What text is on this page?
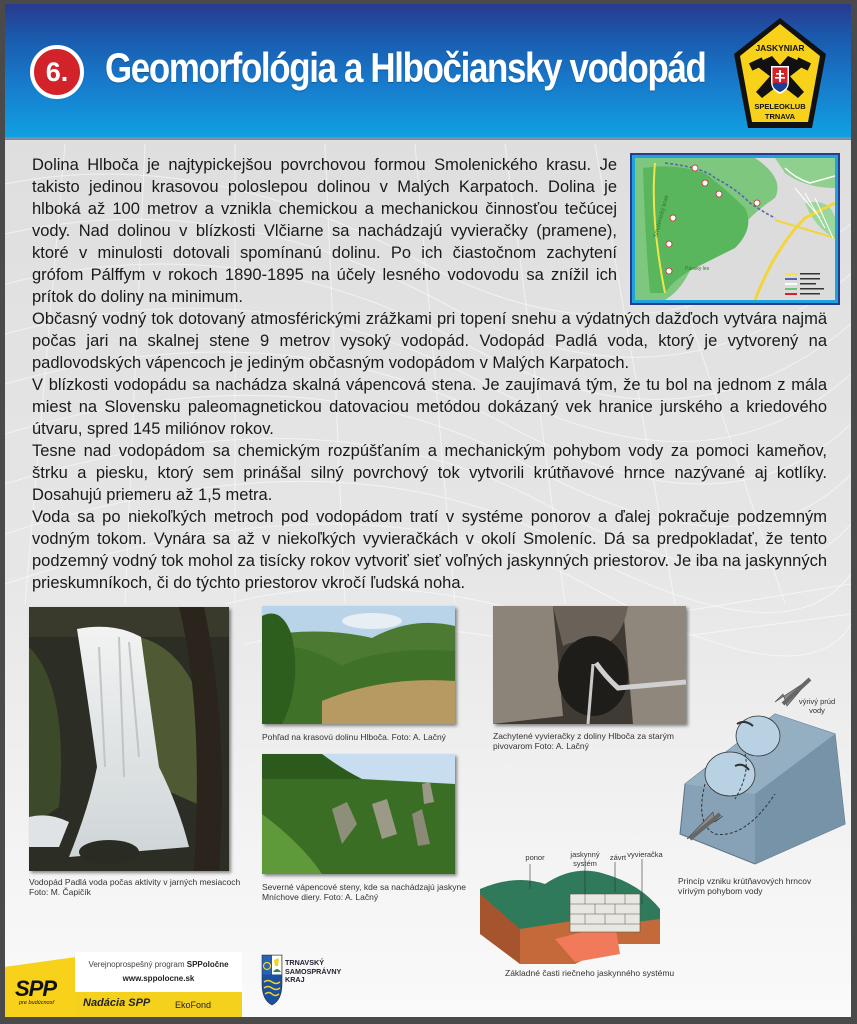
6. Geomorfológia a Hlbočiansky vodopád	JASKYNIAR
SPELEOKLUB
TRNAVA
Smolenický kras
Pánsky les

Dolina Hlboča je najtypickejšou povrchovou formou Smolenického krasu. Je takisto jedinou krasovou poloslepou dolinou v Malých Karpatoch. Dolina je hlboká až 100 metrov a vznikla chemickou a mechanickou činnosťou tečúcej vody. Nad dolinou v blízkosti Vlčiarne sa nachádzajú vyvieračky (pramene), ktoré v minulosti dotovali spomínanú dolinu. Po ich čiastočnom zachytení grófom Pálffym v rokoch 1890-1895 na účely lesného vodovodu sa znížil ich prítok do doliny na minimum.

Občasný vodný tok dotovaný atmosférickými zrážkami pri topení snehu a výdatných dažďoch vytvára najmä počas jari na skalnej stene 9 metrov vysoký vodopád. Vodopád Padlá voda, ktorý je vytvorený na padlovodských vápencoch je jediným občasným vodopádom v Malých Karpatoch.

V blízkosti vodopádu sa nachádza skalná vápencová stena. Je zaujímavá tým, že tu bol na jednom z mála miest na Slovensku paleomagnetickou datovaciou metódou dokázaný vek hranice jurského a kriedového útvaru, spred 145 miliónov rokov.

Tesne nad vodopádom sa chemickým rozpúšťaním a mechanickým pohybom vody za pomoci kameňov, štrku a piesku, ktorý sem prinášal silný povrchový tok vytvorili krútňavové hrnce nazývané aj kotlíky. Dosahujú priemeru až 1,5 metra.

Voda sa po niekoľkých metroch pod vodopádom tratí v systéme ponorov a ďalej pokračuje podzemným vodným tokom. Vynára sa až v niekoľkých vyvieračkách v okolí Smoleníc. Dá sa predpokladať, že tento podzemný vodný tok mohol za tisícky rokov vytvoriť sieť voľných jaskynných priestorov. Je iba na jaskynných prieskumníkoch, či do týchto priestorov vkročí ľudská noha.

Vodopád Padlá voda počas aktivity v jarných mesiacoch
Foto: M. Čapičík
Pohľad na krasovú dolinu Hlboča. Foto: A. Lačný
Severné vápencové steny, kde sa nachádzajú jaskyne
Mníchove diery. Foto: A. Lačný
Zachytené vyvieračky z doliny Hlboča za starým
pivovarom Foto: A. Lačný
výrivý prúd vody
Princíp vzniku krútňavových hrncov
vírivým pohybom vody
ponor	jaskynný systém
závrt vyvieračka
Základné časti riečneho jaskynného systému
SPP
pre budúcnosť
Verejnoprospešný program SPPoločne
www.sppolocne.sk
Nadácia SPP	EkoFond
TRNAVSKÝ
SAMOSPRÁVNY
KRAJ
